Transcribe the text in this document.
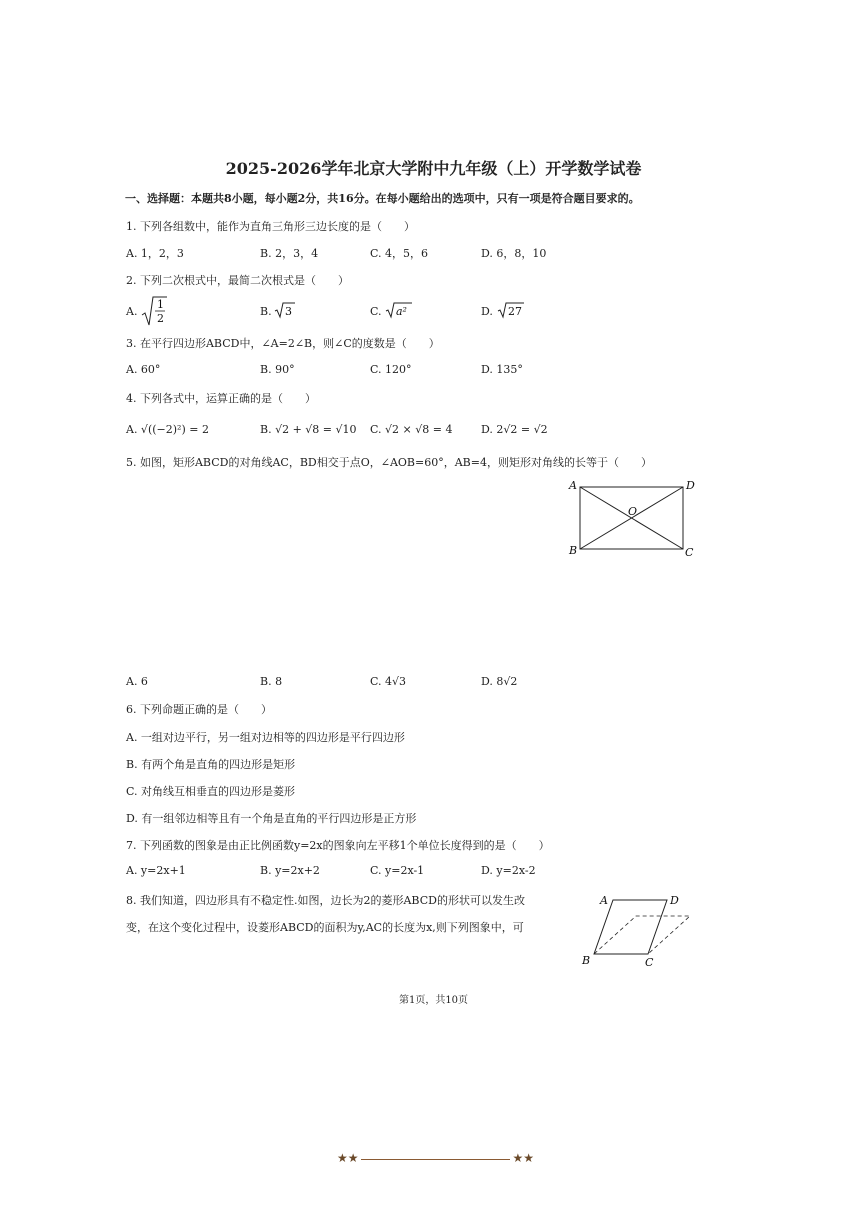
2025-2026学年北京大学附中九年级（上）开学数学试卷
一、选择题：本题共8小题，每小题2分，共16分。在每小题给出的选项中，只有一项是符合题目要求的。
1. 下列各组数中，能作为直角三角形三边长度的是（　　）
A. 1，2，3	B. 2，3，4	C. 4，5，6	D. 6，8，10
2. 下列二次根式中，最简二次根式是（　　）
A.
1
2
B. 3	C. a²	D. 27
3. 在平行四边形ABCD中，∠A=2∠B，则∠C的度数是（　　）
A. 60°	B. 90°	C. 120°	D. 135°
4. 下列各式中，运算正确的是（　　）
A. √((−2)²) = 2	B. √2 + √8 = √10 C. √2 × √8 = 4	D. 2√2 = √2
5. 如图，矩形ABCD的对角线AC，BD相交于点O，∠AOB=60°，AB=4，则矩形对角线的长等于（　　）
A	D
O
B	C
A. 6	B. 8	C. 4√3	D. 8√2
6. 下列命题正确的是（　　）
A. 一组对边平行，另一组对边相等的四边形是平行四边形
B. 有两个角是直角的四边形是矩形
C. 对角线互相垂直的四边形是菱形
D. 有一组邻边相等且有一个角是直角的平行四边形是正方形
7. 下列函数的图象是由正比例函数y=2x的图象向左平移1个单位长度得到的是（　　）
A. y=2x+1	B. y=2x+2	C. y=2x-1	D. y=2x-2
8. 我们知道，四边形具有不稳定性.如图，边长为2的菱形ABCD的形状可以发生改
变，在这个变化过程中，设菱形ABCD的面积为y,AC的长度为x,则下列图象中，可
A	D
B	C
第1页，共10页
★★	★★
